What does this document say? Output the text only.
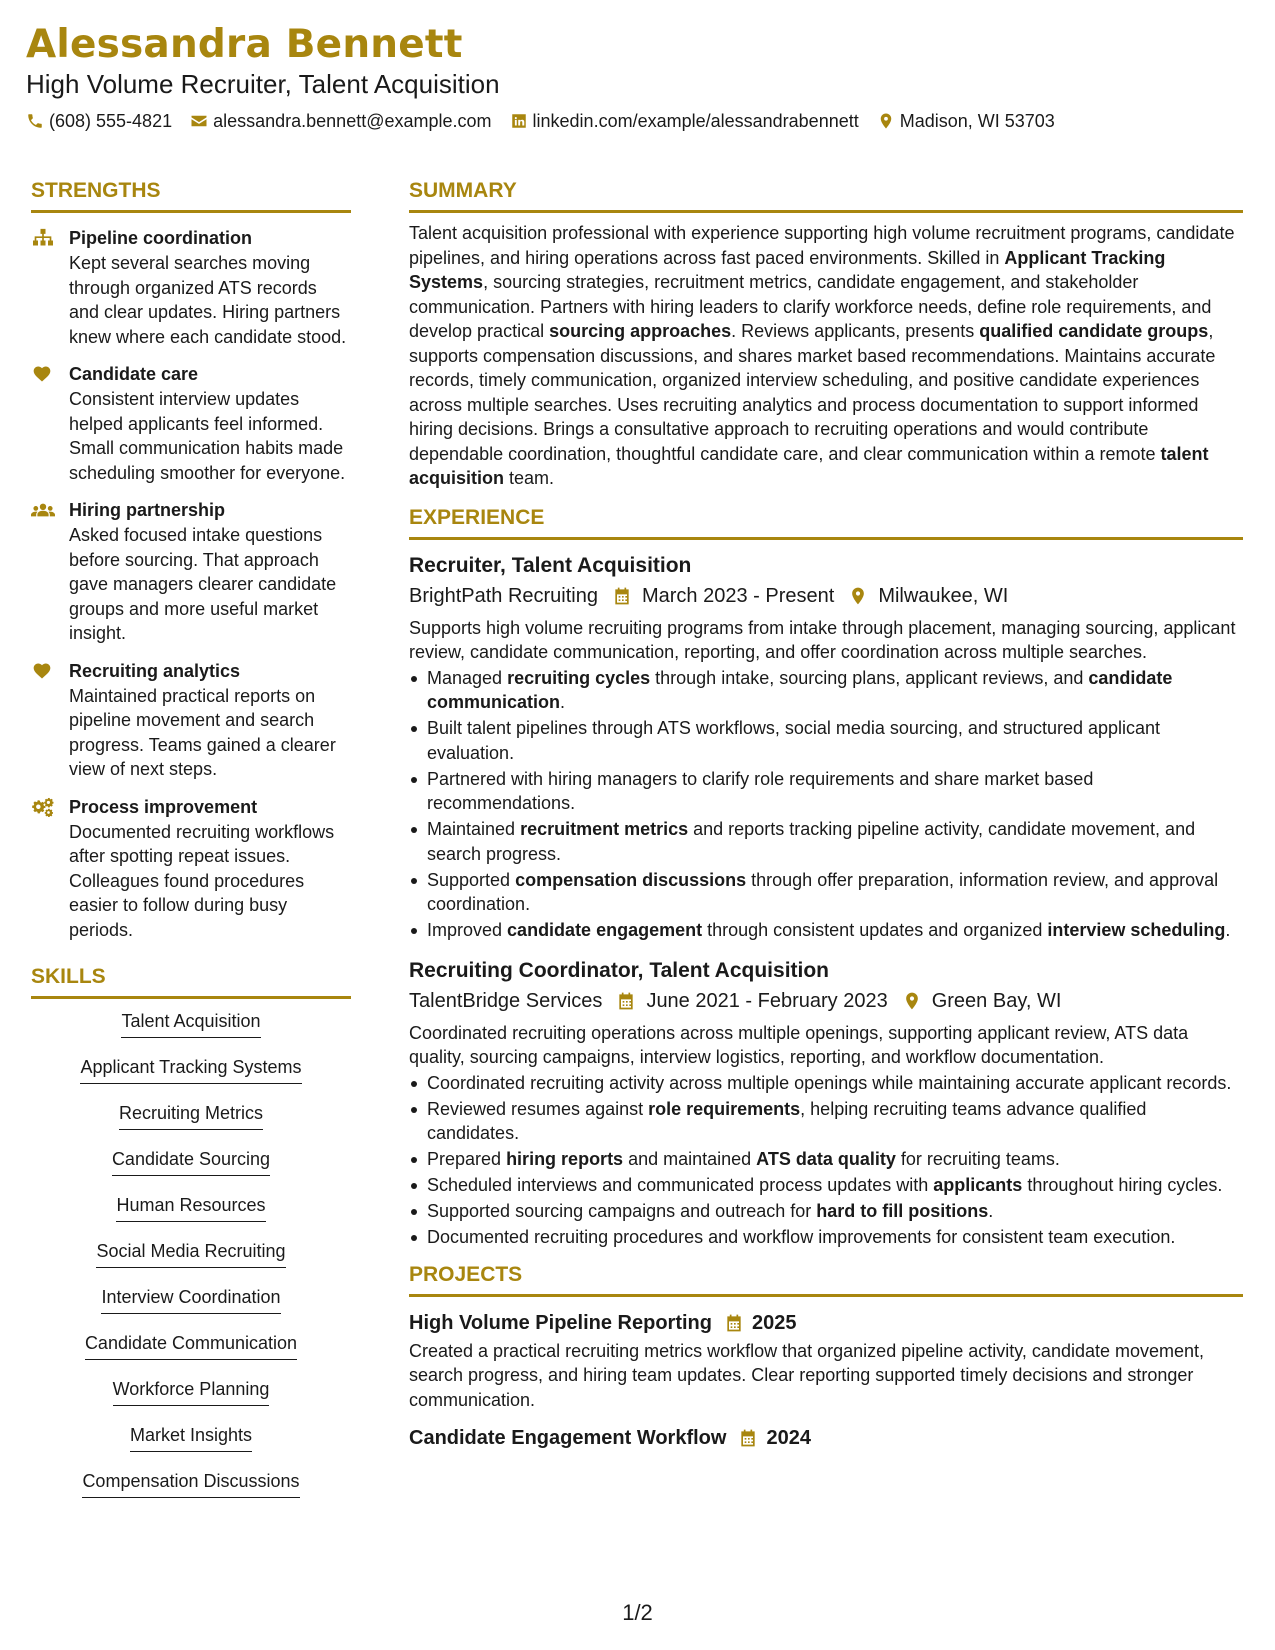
Alessandra Bennett
High Volume Recruiter, Talent Acquisition
(608) 555-4821 alessandra.bennett@example.com linkedin.com/example/alessandrabennett Madison, WI 53703
STRENGTHS
Pipeline coordination
Kept several searches moving through organized ATS records and clear updates. Hiring partners knew where each candidate stood.
Candidate care
Consistent interview updates helped applicants feel informed. Small communication habits made scheduling smoother for everyone.
Hiring partnership
Asked focused intake questions before sourcing. That approach gave managers clearer candidate groups and more useful market insight.
Recruiting analytics
Maintained practical reports on pipeline movement and search progress. Teams gained a clearer view of next steps.
Process improvement
Documented recruiting workflows after spotting repeat issues. Colleagues found procedures easier to follow during busy periods.
SKILLS
Talent Acquisition
Applicant Tracking Systems
Recruiting Metrics
Candidate Sourcing
Human Resources
Social Media Recruiting
Interview Coordination
Candidate Communication
Workforce Planning
Market Insights
Compensation Discussions
SUMMARY
Talent acquisition professional with experience supporting high volume recruitment programs, candidate pipelines, and hiring operations across fast paced environments. Skilled in Applicant Tracking Systems, sourcing strategies, recruitment metrics, candidate engagement, and stakeholder communication. Partners with hiring leaders to clarify workforce needs, define role requirements, and develop practical sourcing approaches. Reviews applicants, presents qualified candidate groups, supports compensation discussions, and shares market based recommendations. Maintains accurate records, timely communication, organized interview scheduling, and positive candidate experiences across multiple searches. Uses recruiting analytics and process documentation to support informed hiring decisions. Brings a consultative approach to recruiting operations and would contribute dependable coordination, thoughtful candidate care, and clear communication within a remote talent acquisition team.
EXPERIENCE
Recruiter, Talent Acquisition
BrightPath Recruiting March 2023 - Present Milwaukee, WI
Supports high volume recruiting programs from intake through placement, managing sourcing, applicant review, candidate communication, reporting, and offer coordination across multiple searches.
Managed recruiting cycles through intake, sourcing plans, applicant reviews, and candidate communication.
Built talent pipelines through ATS workflows, social media sourcing, and structured applicant evaluation.
Partnered with hiring managers to clarify role requirements and share market based recommendations.
Maintained recruitment metrics and reports tracking pipeline activity, candidate movement, and search progress.
Supported compensation discussions through offer preparation, information review, and approval coordination.
Improved candidate engagement through consistent updates and organized interview scheduling.
Recruiting Coordinator, Talent Acquisition
TalentBridge Services June 2021 - February 2023 Green Bay, WI
Coordinated recruiting operations across multiple openings, supporting applicant review, ATS data quality, sourcing campaigns, interview logistics, reporting, and workflow documentation.
Coordinated recruiting activity across multiple openings while maintaining accurate applicant records.
Reviewed resumes against role requirements, helping recruiting teams advance qualified candidates.
Prepared hiring reports and maintained ATS data quality for recruiting teams.
Scheduled interviews and communicated process updates with applicants throughout hiring cycles.
Supported sourcing campaigns and outreach for hard to fill positions.
Documented recruiting procedures and workflow improvements for consistent team execution.
PROJECTS
High Volume Pipeline Reporting 2025
Created a practical recruiting metrics workflow that organized pipeline activity, candidate movement, search progress, and hiring team updates. Clear reporting supported timely decisions and stronger communication.
Candidate Engagement Workflow 2024
1/2
